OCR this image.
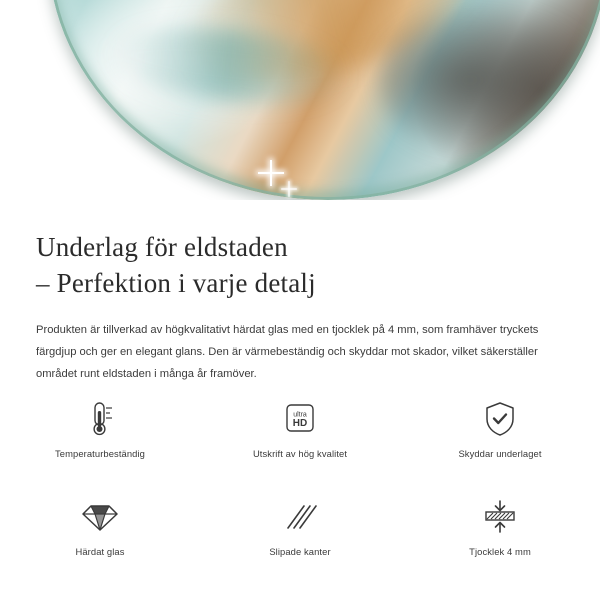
Underlag för eldstaden
– Perfektion i varje detalj

Produkten är tillverkad av högkvalitativt härdat glas med en tjocklek på 4 mm, som framhäver tryckets färgdjup och ger en elegant glans. Den är värmebeständig och skyddar mot skador, vilket säkerställer området runt eldstaden i många år framöver.

Temperaturbeständig
ultra
HD
Utskrift av hög kvalitet	Skyddar underlaget
Härdat glas	Slipade kanter	Tjocklek 4 mm
